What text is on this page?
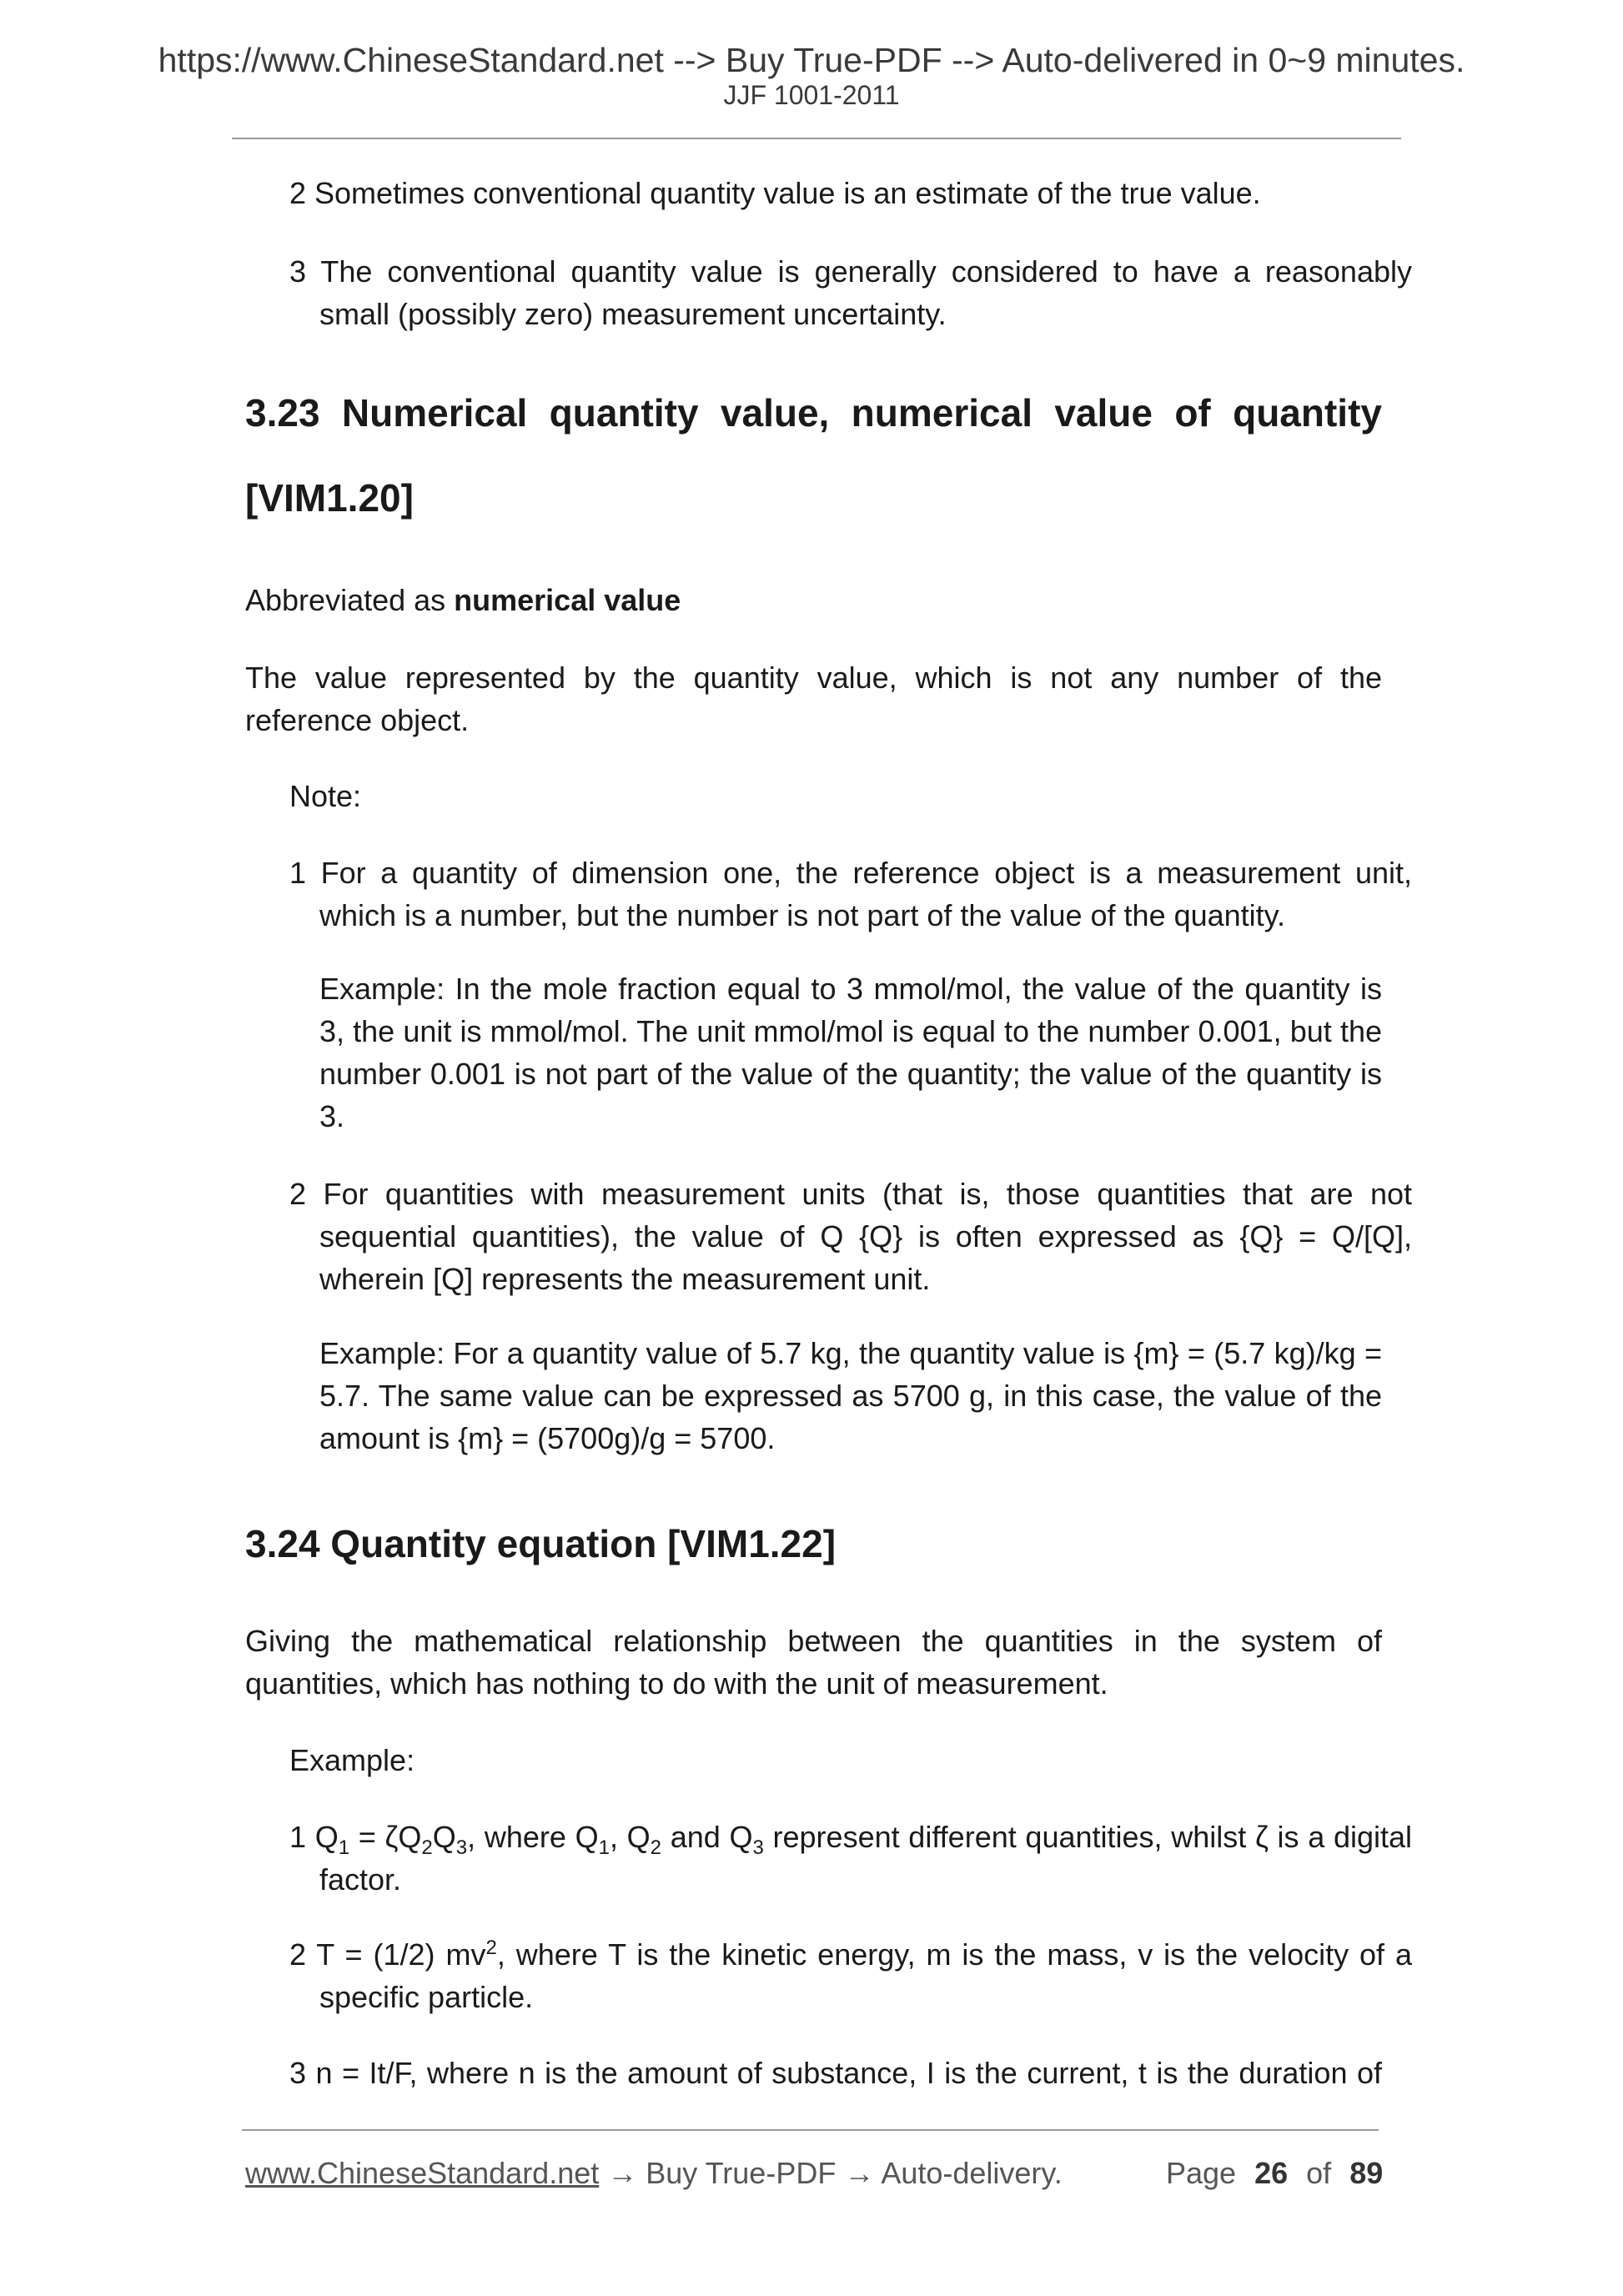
https://www.ChineseStandard.net --> Buy True-PDF --> Auto-delivered in 0~9 minutes.
JJF 1001-2011

2 Sometimes conventional quantity value is an estimate of the true value.

3 The conventional quantity value is generally considered to have a reasonably small (possibly zero) measurement uncertainty.

3.23 Numerical quantity value, numerical value of quantity
[VIM1.20]

Abbreviated as numerical value

The value represented by the quantity value, which is not any number of the reference object.

Note:

1 For a quantity of dimension one, the reference object is a measurement unit, which is a number, but the number is not part of the value of the quantity.

Example: In the mole fraction equal to 3 mmol/mol, the value of the quantity is 3, the unit is mmol/mol. The unit mmol/mol is equal to the number 0.001, but the number 0.001 is not part of the value of the quantity; the value of the quantity is 3.

2 For quantities with measurement units (that is, those quantities that are not sequential quantities), the value of Q {Q} is often expressed as {Q} = Q/[Q], wherein [Q] represents the measurement unit.

Example: For a quantity value of 5.7 kg, the quantity value is {m} = (5.7 kg)/kg = 5.7. The same value can be expressed as 5700 g, in this case, the value of the amount is {m} = (5700g)/g = 5700.

3.24 Quantity equation [VIM1.22]

Giving the mathematical relationship between the quantities in the system of quantities, which has nothing to do with the unit of measurement.

Example:

1 $Q_1 = \zeta Q_2Q_3$, where $Q_1$, $Q_2$ and $Q_3$ represent different quantities, whilst ζ is a digital factor.

2 T = (1/2) $mv^2$, where T is the kinetic energy, m is the mass, v is the velocity of a specific particle.

3 n = It/F, where n is the amount of substance, I is the current, t is the duration of

www.ChineseStandard.net → Buy True-PDF → Auto-delivery.	Page 26 of 89
